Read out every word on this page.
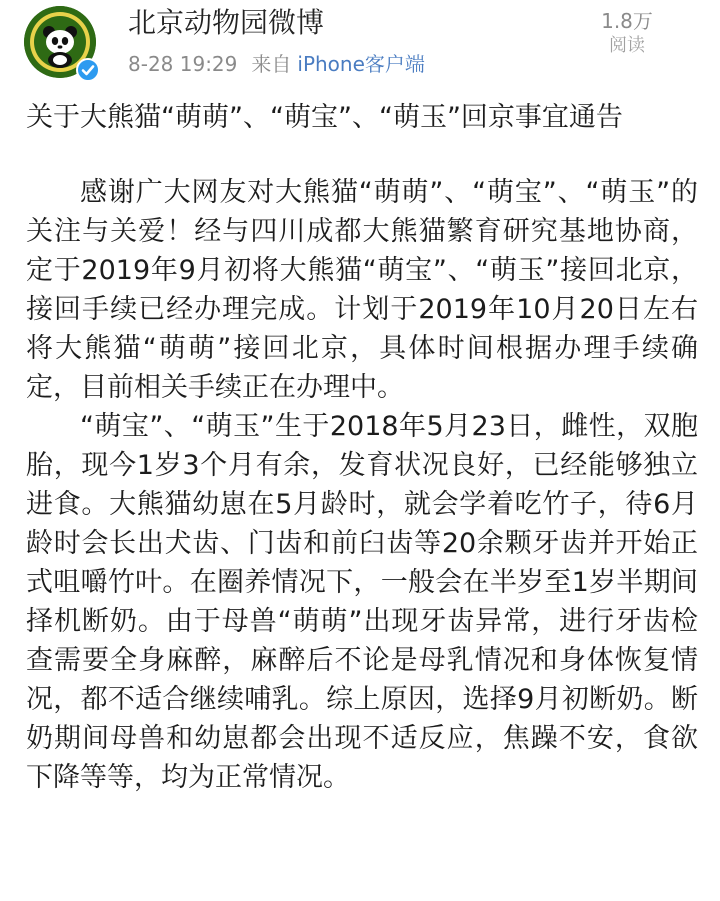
北京动物园微博
8-28 19:29 来自 iPhone客户端
1.8万
阅读
关于大熊猫“萌萌”、“萌宝”、“萌玉”回京事宜通告

感谢广大网友对大熊猫“萌萌”、“萌宝”、“萌玉”的关注与关爱！经与四川成都大熊猫繁育研究基地协商，定于2019年9月初将大熊猫“萌宝”、“萌玉”接回北京，接回手续已经办理完成。计划于2019年10月20日左右将大熊猫“萌萌”接回北京，具体时间根据办理手续确定，目前相关手续正在办理中。

“萌宝”、“萌玉”生于2018年5月23日，雌性，双胞胎，现今1岁3个月有余，发育状况良好，已经能够独立进食。大熊猫幼崽在5月龄时，就会学着吃竹子，待6月龄时会长出犬齿、门齿和前臼齿等20余颗牙齿并开始正式咀嚼竹叶。在圈养情况下，一般会在半岁至1岁半期间择机断奶。由于母兽“萌萌”出现牙齿异常，进行牙齿检查需要全身麻醉，麻醉后不论是母乳情况和身体恢复情况，都不适合继续哺乳。综上原因，选择9月初断奶。断奶期间母兽和幼崽都会出现不适反应，焦躁不安，食欲下降等等，均为正常情况。
